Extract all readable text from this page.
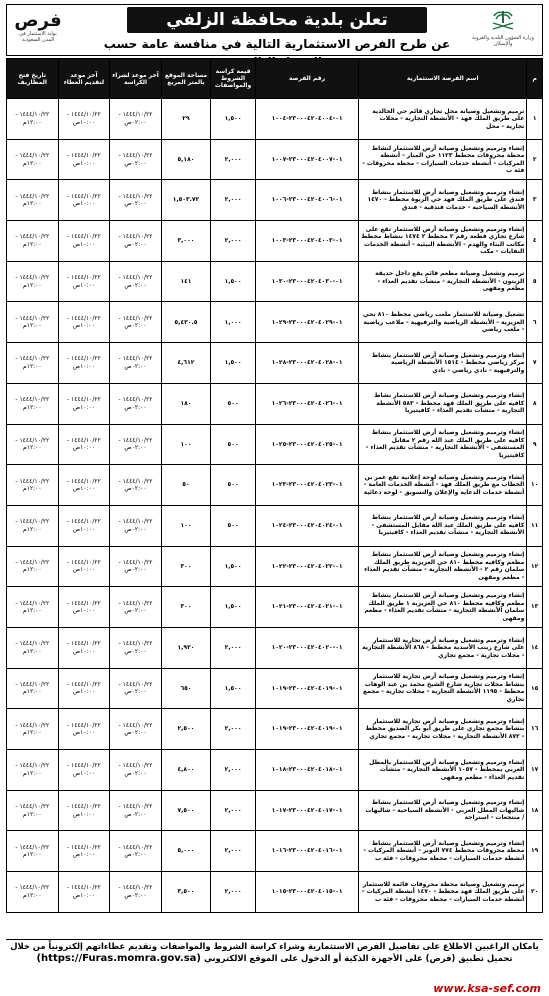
فرص
بوابة الاستثمار في المدن السعودية
تعلن بلدية محافظة الزلفي
عن طرح الفرص الاستثمارية التالية في منافسة عامة حسب	وزارة الشؤون البلدية والقروية والإسكان
م	اسم الفرصة الاستثمارية	رقم الفرصة	قيمة كراسة الشروط والمواصفات	مساحة الموقع بالمتر المربع	آخر موعد لشراء الكراسة	آخر موعد لتقديم العطاء	تاريخ فتح المظاريف
١	ترميم وتشغيل وصيانة محل تجاري قائم حي الخالدية على طريق الملك فهد - الأنشطة التجارية - محلات تجارية - محل	٠١-٢٣٠٠٠٤٢٠٤٠٠٤-١٠٠٤	١,٥٠٠	٢٩	١٤٤٤/١٠/٢٢ - ٠٢:٠٠ص	١٤٤٤/١٠/٢٢ - ١٠:٠٠ص	١٤٤٤/١٠/٢٢ - ١٢:٠٠م
٢	إنشاء وترميم وتشغيل وصيانة أرض للاستثمار لنشاط محطة محروقات مخطط ١١٢٣ حي المنار - أنشطة المركبات - أنشطة خدمات السيارات - محطة محروقات - فئة ب	٠١-٢٣٠٠٠٤٢٠٤٠٠٧-١٠٠٧	٢,٠٠٠	٥,١٨٠	١٤٤٤/١٠/٢٢ - ٠٢:٠٠ص	١٤٤٤/١٠/٢٢ - ١٠:٠٠ص	١٤٤٤/١٠/٢٢ - ١٢:٠٠م
٣	إنشاء وترميم وتشغيل وصيانة أرض للاستثمار بنشاط فندق على طريق الملك فهد حي الربوة مخطط - ١٤٧٠ الأنشطة السياحية - خدمات فندقية - فندق	٠١-٢٣٠٠٠٤٢٠٤٠٠٦-١٠٠٦	٢,٠٠٠	١,٥٠٣.٧٢	١٤٤٤/١٠/٢٢ - ٠٢:٠٠ص	١٤٤٤/١٠/٢٢ - ١٠:٠٠ص	١٤٤٤/١٠/٢٢ - ١٢:٠٠م
٤	إنشاء وترميم وتشغيل وصيانة أرض للاستثمار تقع على شارع تجاري قطعة رقم ٢ مخطط ٢ ١٤٧٤ بنشاط مخطط مكاتب البناء والهدم - الأنشطة البيئية - أنشطة الخدمات النفايات - مكب	٠١-٢٣٠٠٠٤٢٠٤٠٠٣-١٠٠٣	٢,٠٠٠	٣,٠٠٠	١٤٤٤/١٠/٢٢ - ٠٢:٠٠ص	١٤٤٤/١٠/٢٢ - ١٠:٠٠ص	١٤٤٤/١٠/٢٢ - ١٢:٠٠م
٥	ترميم وتشغيل وصيانة مطعم قائم يقع داخل حديقة الزيتون - الأنشطة التجارية - منشآت تقديم الغذاء - مطعم ومقهى	٠١-٢٣٠٠٠٤٢٠٤٠٣٠-١٠٣٠	١,٥٠٠	١٤١	١٤٤٤/١٠/٢٢ - ٠٢:٠٠ص	١٤٤٤/١٠/٢٢ - ١٠:٠٠ص	١٤٤٤/١٠/٢٢ - ١٢:٠٠م
٦	تشغيل وصيانة للاستثمار ملعب رياضي مخطط ٨١٠ بحي العزيزية - الأنشطة الرياضية والترفيهية - ملاعب رياضية - ملعب رياضي	٠١-٢٣٠٠٠٤٢٠٤٠٢٩-١٠٢٩	١,٠٠٠	٥,٤٣٠.٥	١٤٤٤/١٠/٢٢ - ٠٢:٠٠ص	١٤٤٤/١٠/٢٢ - ١٠:٠٠ص	١٤٤٤/١٠/٢٢ - ١٢:٠٠م
٧	إنشاء وترميم وتشغيل وصيانة أرض للاستثمار بنشاط مركز رياضي مخطط - ١٥١٤ الأنشطة الرياضية والترفيهية - نادي رياضي - نادي	٠١-٢٣٠٠٠٤٢٠٤٠٢٨-١٠٢٨	١,٥٠٠	٤,٦١٢	١٤٤٤/١٠/٢٢ - ٠٢:٠٠ص	١٤٤٤/١٠/٢٢ - ١٠:٠٠ص	١٤٤٤/١٠/٢٢ - ١٢:٠٠م
٨	إنشاء وترميم وتشغيل وصيانة أرض للاستثمار نشاط كافيه على طريق الملك فهد مخطط - ٥٨٣ الأنشطة التجارية - منشآت تقديم الغذاء - كافيتيريا	٠١-٢٣٠٠٠٤٢٠٤٠٢٦-١٠٢٦	٥٠٠	١٨٠	١٤٤٤/١٠/٢٢ - ٠٢:٠٠ص	١٤٤٤/١٠/٢٢ - ١٠:٠٠ص	١٤٤٤/١٠/٢٢ - ١٢:٠٠م
٩	إنشاء وترميم وتشغيل وصيانة أرض للاستثمار بنشاط كافيه على طريق الملك عبد الله رقم ٢ مقابل المستشفى - الأنشطة التجارية - منشآت تقديم الغذاء - كافيتيريا	٠١-٢٣٠٠٠٤٢٠٤٠٢٥-١٠٢٥	٥٠٠	١٠٠	١٤٤٤/١٠/٢٢ - ٠٢:٠٠ص	١٤٤٤/١٠/٢٢ - ١٠:٠٠ص	١٤٤٤/١٠/٢٢ - ١٢:٠٠م
١٠	إنشاء وترميم وتشغيل وصيانة لوحة إعلانية تقع عمر بن الخطاب مع طريق الملك فهد - أنشطة الخدمات العامة - أنشطة خدمات الدعاية والإعلان والتسويق - لوحة دعائية	٠١-٢٣٠٠٠٤٢٠٤٠٢٣-١٠٢٣	٥٠٠	٥٠	١٤٤٤/١٠/٢٢ - ٠٢:٠٠ص	١٤٤٤/١٠/٢٢ - ١٠:٠٠ص	١٤٤٤/١٠/٢٢ - ١٢:٠٠م
١١	إنشاء وترميم وتشغيل وصيانة أرض للاستثمار بنشاط كافيه على طريق الملك عبد الله مقابل المستشفى - الأنشطة التجارية - منشآت تقديم الغذاء - كافيتيريا	٠١-٢٣٠٠٠٤٢٠٤٠٢٤-١٠٢٤	٥٠٠	١٠٠	١٤٤٤/١٠/٢٢ - ٠٢:٠٠ص	١٤٤٤/١٠/٢٢ - ١٠:٠٠ص	١٤٤٤/١٠/٢٢ - ١٢:٠٠م
١٢	إنشاء وترميم وتشغيل وصيانة أرض للاستثمار بنشاط مطعم وكافيه مخطط ٨١٠ حي العزيزية طريق الملك سلمان رقم ٢ - الأنشطة التجارية - منشآت تقديم الغذاء - مطعم ومقهى	٠١-٢٣٠٠٠٤٢٠٤٠٢٢-١٠٢٢	١,٥٠٠	٣٠٠	١٤٤٤/١٠/٢٢ - ٠٢:٠٠ص	١٤٤٤/١٠/٢٢ - ١٠:٠٠ص	١٤٤٤/١٠/٢٢ - ١٢:٠٠م
١٣	إنشاء وترميم وتشغيل وصيانة أرض للاستثمار بنشاط مطعم وكافيه مخطط ٨١٠ حي العزيزية ١ طريق الملك سلمان الأنشطة التجارية - منشآت تقديم الغذاء - مطعم ومقهى	٠١-٢٣٠٠٠٤٢٠٤٠٢١-١٠٢١	١,٥٠٠	٣٠٠	١٤٤٤/١٠/٢٢ - ٠٢:٠٠ص	١٤٤٤/١٠/٢٢ - ١٠:٠٠ص	١٤٤٤/١٠/٢٢ - ١٢:٠٠م
١٤	إنشاء وترميم وتشغيل وصيانة أرض تجارية للاستثمار على شارع زينب الأسدية مخطط - ٨٦٨ الأنشطة التجارية - محلات تجارية - مجمع تجاري	٠١-٢٣٠٠٠٤٢٠٤٠٢٠-١٠٢٠	٢,٠٠٠	١,٩٢٠	١٤٤٤/١٠/٢٢ - ٠٢:٠٠ص	١٤٤٤/١٠/٢٢ - ١٠:٠٠ص	١٤٤٤/١٠/٢٢ - ١٢:٠٠م
١٥	إنشاء وترميم وتشغيل وصيانة أرض تجارية للاستثمار بنشاط محلات تجارية شارع الشيخ محمد بن عبد الوهاب مخطط - ١١٩٥ الأنشطة التجارية - محلات تجارية - مجمع تجاري	٠١-٢٣٠٠٠٤٢٠٤٠١٩-١٠١٩	١,٥٠٠	٦٥٠	١٤٤٤/١٠/٢٢ - ٠٢:٠٠ص	١٤٤٤/١٠/٢٢ - ١٠:٠٠ص	١٤٤٤/١٠/٢٢ - ١٢:٠٠م
١٦	إنشاء وترميم وتشغيل وصيانة أرض تجارية للاستثمار بنشاط مجمع تجاري على طريق أبو بكر الصديق مخطط - ٨٧٢ الأنشطة التجارية - محلات تجارية - مجمع تجاري	٠١-٢٣٠٠٠٤٢٠٤٠١٩-١٠١٩	٢,٠٠٠	٢,٥٠٠	١٤٤٤/١٠/٢٢ - ٠٢:٠٠ص	١٤٤٤/١٠/٢٢ - ١٠:٠٠ص	١٤٤٤/١٠/٢٢ - ١٢:٠٠م
١٧	إنشاء وترميم وتشغيل وصيانة أرض للاستثمار بالمطل الغربي بمخطط - ١٠٥٧ الأنشطة التجارية - منشآت تقديم الغذاء - مطعم ومقهى	٠١-٢٣٠٠٠٤٢٠٤٠١٨-١٠١٨	٢,٠٠٠	٤,٨٠٠	١٤٤٤/١٠/٢٢ - ٠٢:٠٠ص	١٤٤٤/١٠/٢٢ - ١٠:٠٠ص	١٤٤٤/١٠/٢٢ - ١٢:٠٠م
١٨	إنشاء وترميم وتشغيل وصيانة أرض للاستثمار بنشاط شاليهات المطل الغربي - الأنشطة السياحية - شاليهات / منتجعات - استراحة	٠١-٢٣٠٠٠٤٢٠٤٠١٧-١٠١٧	٢,٠٠٠	٧,٥٠٠	١٤٤٤/١٠/٢٢ - ٠٢:٠٠ص	١٤٤٤/١٠/٢٢ - ١٠:٠٠ص	١٤٤٤/١٠/٢٢ - ١٢:٠٠م
١٩	إنشاء وترميم وتشغيل وصيانة أرض للاستثمار بنشاط محطة محروقات مخطط ٧٧٤ التوبر - أنشطة المركبات - أنشطة خدمات السيارات - محطة محروقات - فئة ب	٠١-٢٣٠٠٠٤٢٠٤٠١٦-١٠١٦	٢,٠٠٠	٥,٠٠٠	١٤٤٤/١٠/٢٢ - ٠٢:٠٠ص	١٤٤٤/١٠/٢٢ - ١٠:٠٠ص	١٤٤٤/١٠/٢٢ - ١٢:٠٠م
٢٠	ترميم وتشغيل وصيانة محطة محروقات قائمة للاستثمار على طريق الملك فهد مخطط - ١٤٧٠ أنشطة المركبات - أنشطة خدمات السيارات - محطة محروقات - فئة ب	٠١-٢٣٠٠٠٤٢٠٤٠١٥-١٠١٥	٢,٠٠٠	٣,٥٠٠	١٤٤٤/١٠/٢٢ - ٠٢:٠٠ص	١٤٤٤/١٠/٢٢ - ١٠:٠٠ص	١٤٤٤/١٠/٢٢ - ١٢:٠٠م
يامكان الراغبين الاطلاع على تفاصيل الفرص الاستثمارية وشراء كراسة الشروط والمواصفات وتقديم عطاءاتهم إلكترونياً من خلال
تحميل تطبيق (فرص) على الأجهزة الذكية أو الدخول على الموقع الالكتروني (https://Furas.momra.gov.sa)
www.ksa-sef.com
